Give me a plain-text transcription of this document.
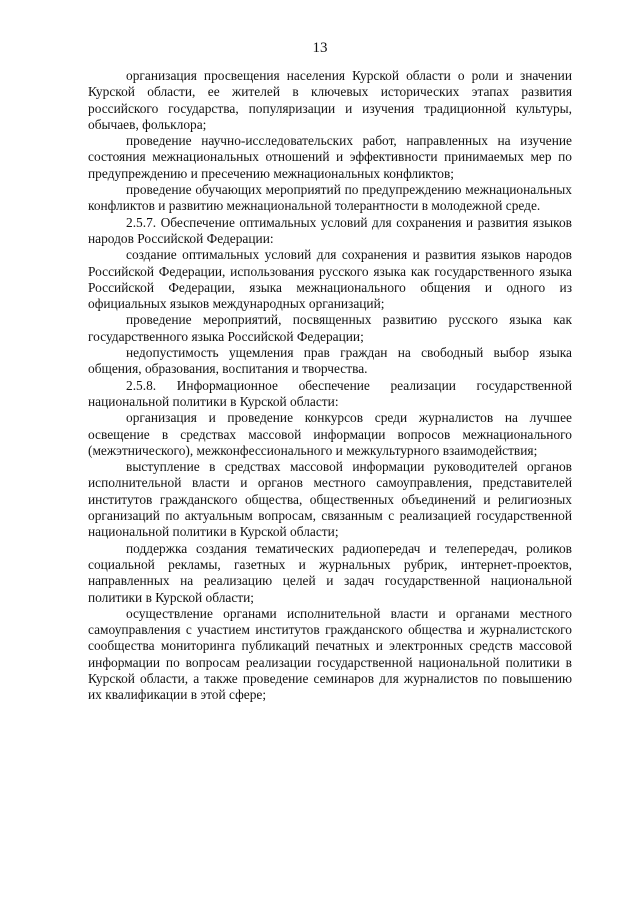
13

организация просвещения населения Курской области о роли и значении Курской области, ее жителей в ключевых исторических этапах развития российского государства, популяризации и изучения традиционной культуры, обычаев, фольклора;

проведение научно-исследовательских работ, направленных на изучение состояния межнациональных отношений и эффективности принимаемых мер по предупреждению и пресечению межнациональных конфликтов;

проведение обучающих мероприятий по предупреждению межнациональных конфликтов и развитию межнациональной толерантности в молодежной среде.

2.5.7. Обеспечение оптимальных условий для сохранения и развития языков народов Российской Федерации:

создание оптимальных условий для сохранения и развития языков народов Российской Федерации, использования русского языка как государственного языка Российской Федерации, языка межнационального общения и одного из официальных языков международных организаций;

проведение мероприятий, посвященных развитию русского языка как государственного языка Российской Федерации;

недопустимость ущемления прав граждан на свободный выбор языка общения, образования, воспитания и творчества.

2.5.8. Информационное обеспечение реализации государственной национальной политики в Курской области:

организация и проведение конкурсов среди журналистов на лучшее освещение в средствах массовой информации вопросов межнационального (межэтнического), межконфессионального и межкультурного взаимодействия;

выступление в средствах массовой информации руководителей органов исполнительной власти и органов местного самоуправления, представителей институтов гражданского общества, общественных объединений и религиозных организаций по актуальным вопросам, связанным с реализацией государственной национальной политики в Курской области;

поддержка создания тематических радиопередач и телепередач, роликов социальной рекламы, газетных и журнальных рубрик, интернет-проектов, направленных на реализацию целей и задач государственной национальной политики в Курской области;

осуществление органами исполнительной власти и органами местного самоуправления с участием институтов гражданского общества и журналистского сообщества мониторинга публикаций печатных и электронных средств массовой информации по вопросам реализации государственной национальной политики в Курской области, а также проведение семинаров для журналистов по повышению их квалификации в этой сфере;
